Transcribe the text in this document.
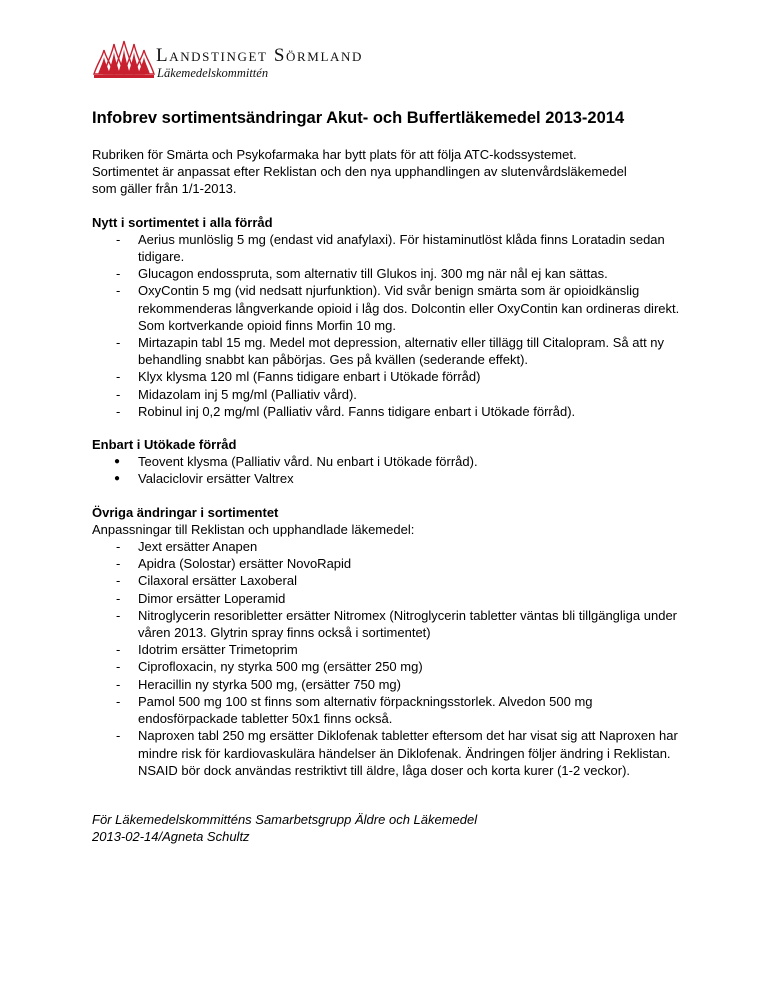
Landstinget Sörmland
Läkemedelskommittén
Infobrev sortimentsändringar Akut- och Buffertläkemedel 2013-2014

Rubriken för Smärta och Psykofarmaka har bytt plats för att följa ATC-kodssystemet.

Sortimentet är anpassat efter Reklistan och den nya upphandlingen av slutenvårdsläkemedel

som gäller från 1/1-2013.

Nytt i sortimentet i alla förråd

- Aerius munlöslig 5 mg (endast vid anafylaxi). För histaminutlöst klåda finns Loratadin sedan tidigare.
- Glucagon endosspruta, som alternativ till Glukos inj. 300 mg när nål ej kan sättas.
- OxyContin 5 mg (vid nedsatt njurfunktion). Vid svår benign smärta som är opioidkänslig rekommenderas långverkande opioid i låg dos. Dolcontin eller OxyContin kan ordineras direkt. Som kortverkande opioid finns Morfin 10 mg.
- Mirtazapin tabl 15 mg. Medel mot depression, alternativ eller tillägg till Citalopram. Så att ny behandling snabbt kan påbörjas. Ges på kvällen (sederande effekt).
- Klyx klysma 120 ml (Fanns tidigare enbart i Utökade förråd)
- Midazolam inj 5 mg/ml (Palliativ vård).
- Robinul inj 0,2 mg/ml (Palliativ vård. Fanns tidigare enbart i Utökade förråd).

Enbart i Utökade förråd

● Teovent klysma (Palliativ vård. Nu enbart i Utökade förråd).
● Valaciclovir ersätter Valtrex

Övriga ändringar i sortimentet

Anpassningar till Reklistan och upphandlade läkemedel:

- Jext ersätter Anapen
- Apidra (Solostar) ersätter NovoRapid
- Cilaxoral ersätter Laxoberal
- Dimor ersätter Loperamid
- Nitroglycerin resoribletter ersätter Nitromex (Nitroglycerin tabletter väntas bli tillgängliga under våren 2013. Glytrin spray finns också i sortimentet)
- Idotrim ersätter Trimetoprim
- Ciprofloxacin, ny styrka 500 mg (ersätter 250 mg)
- Heracillin ny styrka 500 mg, (ersätter 750 mg)
- Pamol 500 mg 100 st finns som alternativ förpackningsstorlek. Alvedon 500 mg endosförpackade tabletter 50x1 finns också.
- Naproxen tabl 250 mg ersätter Diklofenak tabletter eftersom det har visat sig att Naproxen har mindre risk för kardiovaskulära händelser än Diklofenak. Ändringen följer ändring i Reklistan. NSAID bör dock användas restriktivt till äldre, låga doser och korta kurer (1-2 veckor).

För Läkemedelskommitténs Samarbetsgrupp Äldre och Läkemedel

2013-02-14/Agneta Schultz
